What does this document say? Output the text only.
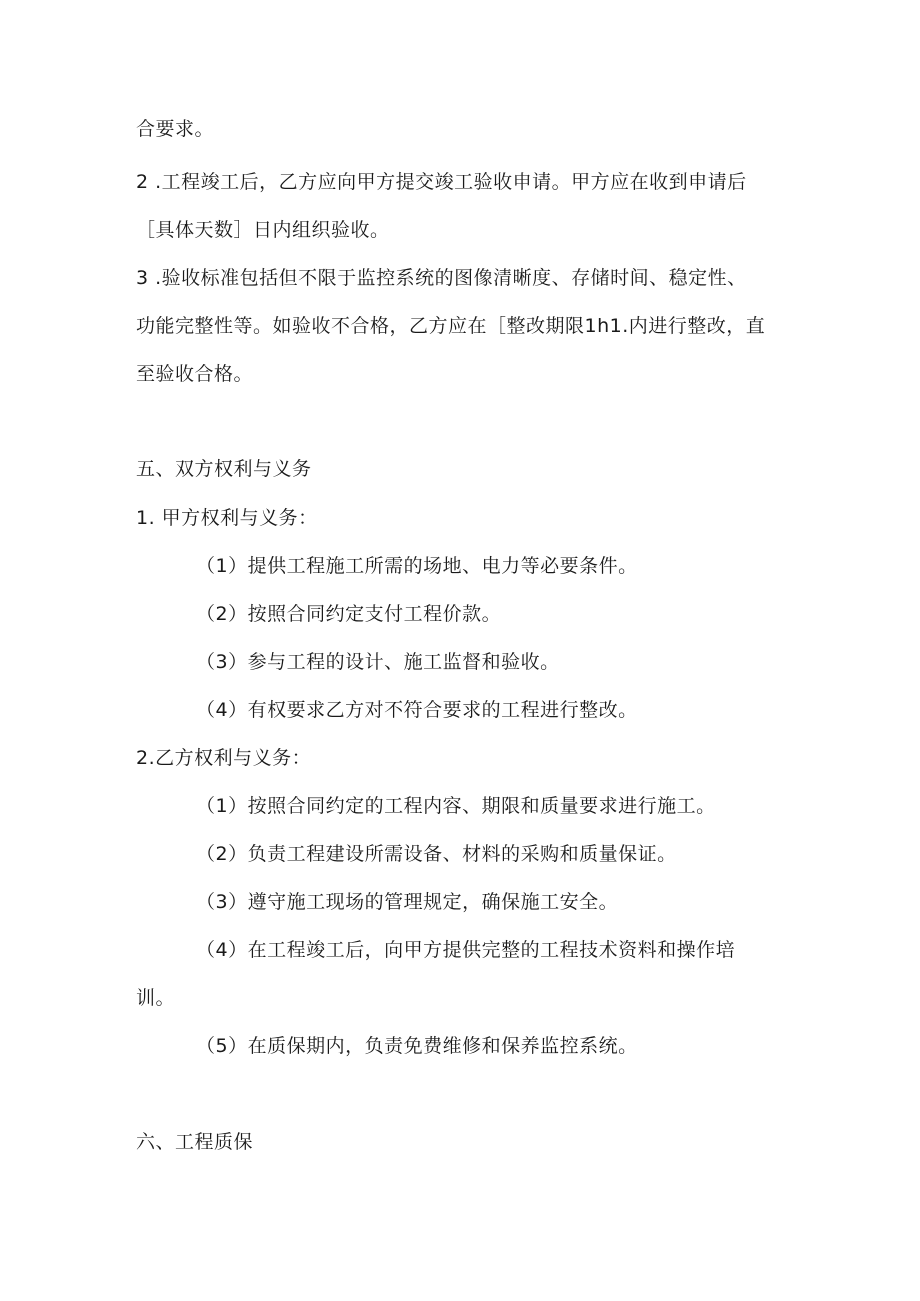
合要求。
2 .工程竣工后，乙方应向甲方提交竣工验收申请。甲方应在收到申请后
［具体天数］日内组织验收。
3 .验收标准包括但不限于监控系统的图像清晰度、存储时间、稳定性、
功能完整性等。如验收不合格，乙方应在［整改期限1h1.内进行整改，直
至验收合格。
五、双方权利与义务
1. 甲方权利与义务：
（1）提供工程施工所需的场地、电力等必要条件。
（2）按照合同约定支付工程价款。
（3）参与工程的设计、施工监督和验收。
（4）有权要求乙方对不符合要求的工程进行整改。
2.乙方权利与义务：
（1）按照合同约定的工程内容、期限和质量要求进行施工。
（2）负责工程建设所需设备、材料的采购和质量保证。
（3）遵守施工现场的管理规定，确保施工安全。
（4）在工程竣工后，向甲方提供完整的工程技术资料和操作培
训。
（5）在质保期内，负责免费维修和保养监控系统。
六、工程质保
